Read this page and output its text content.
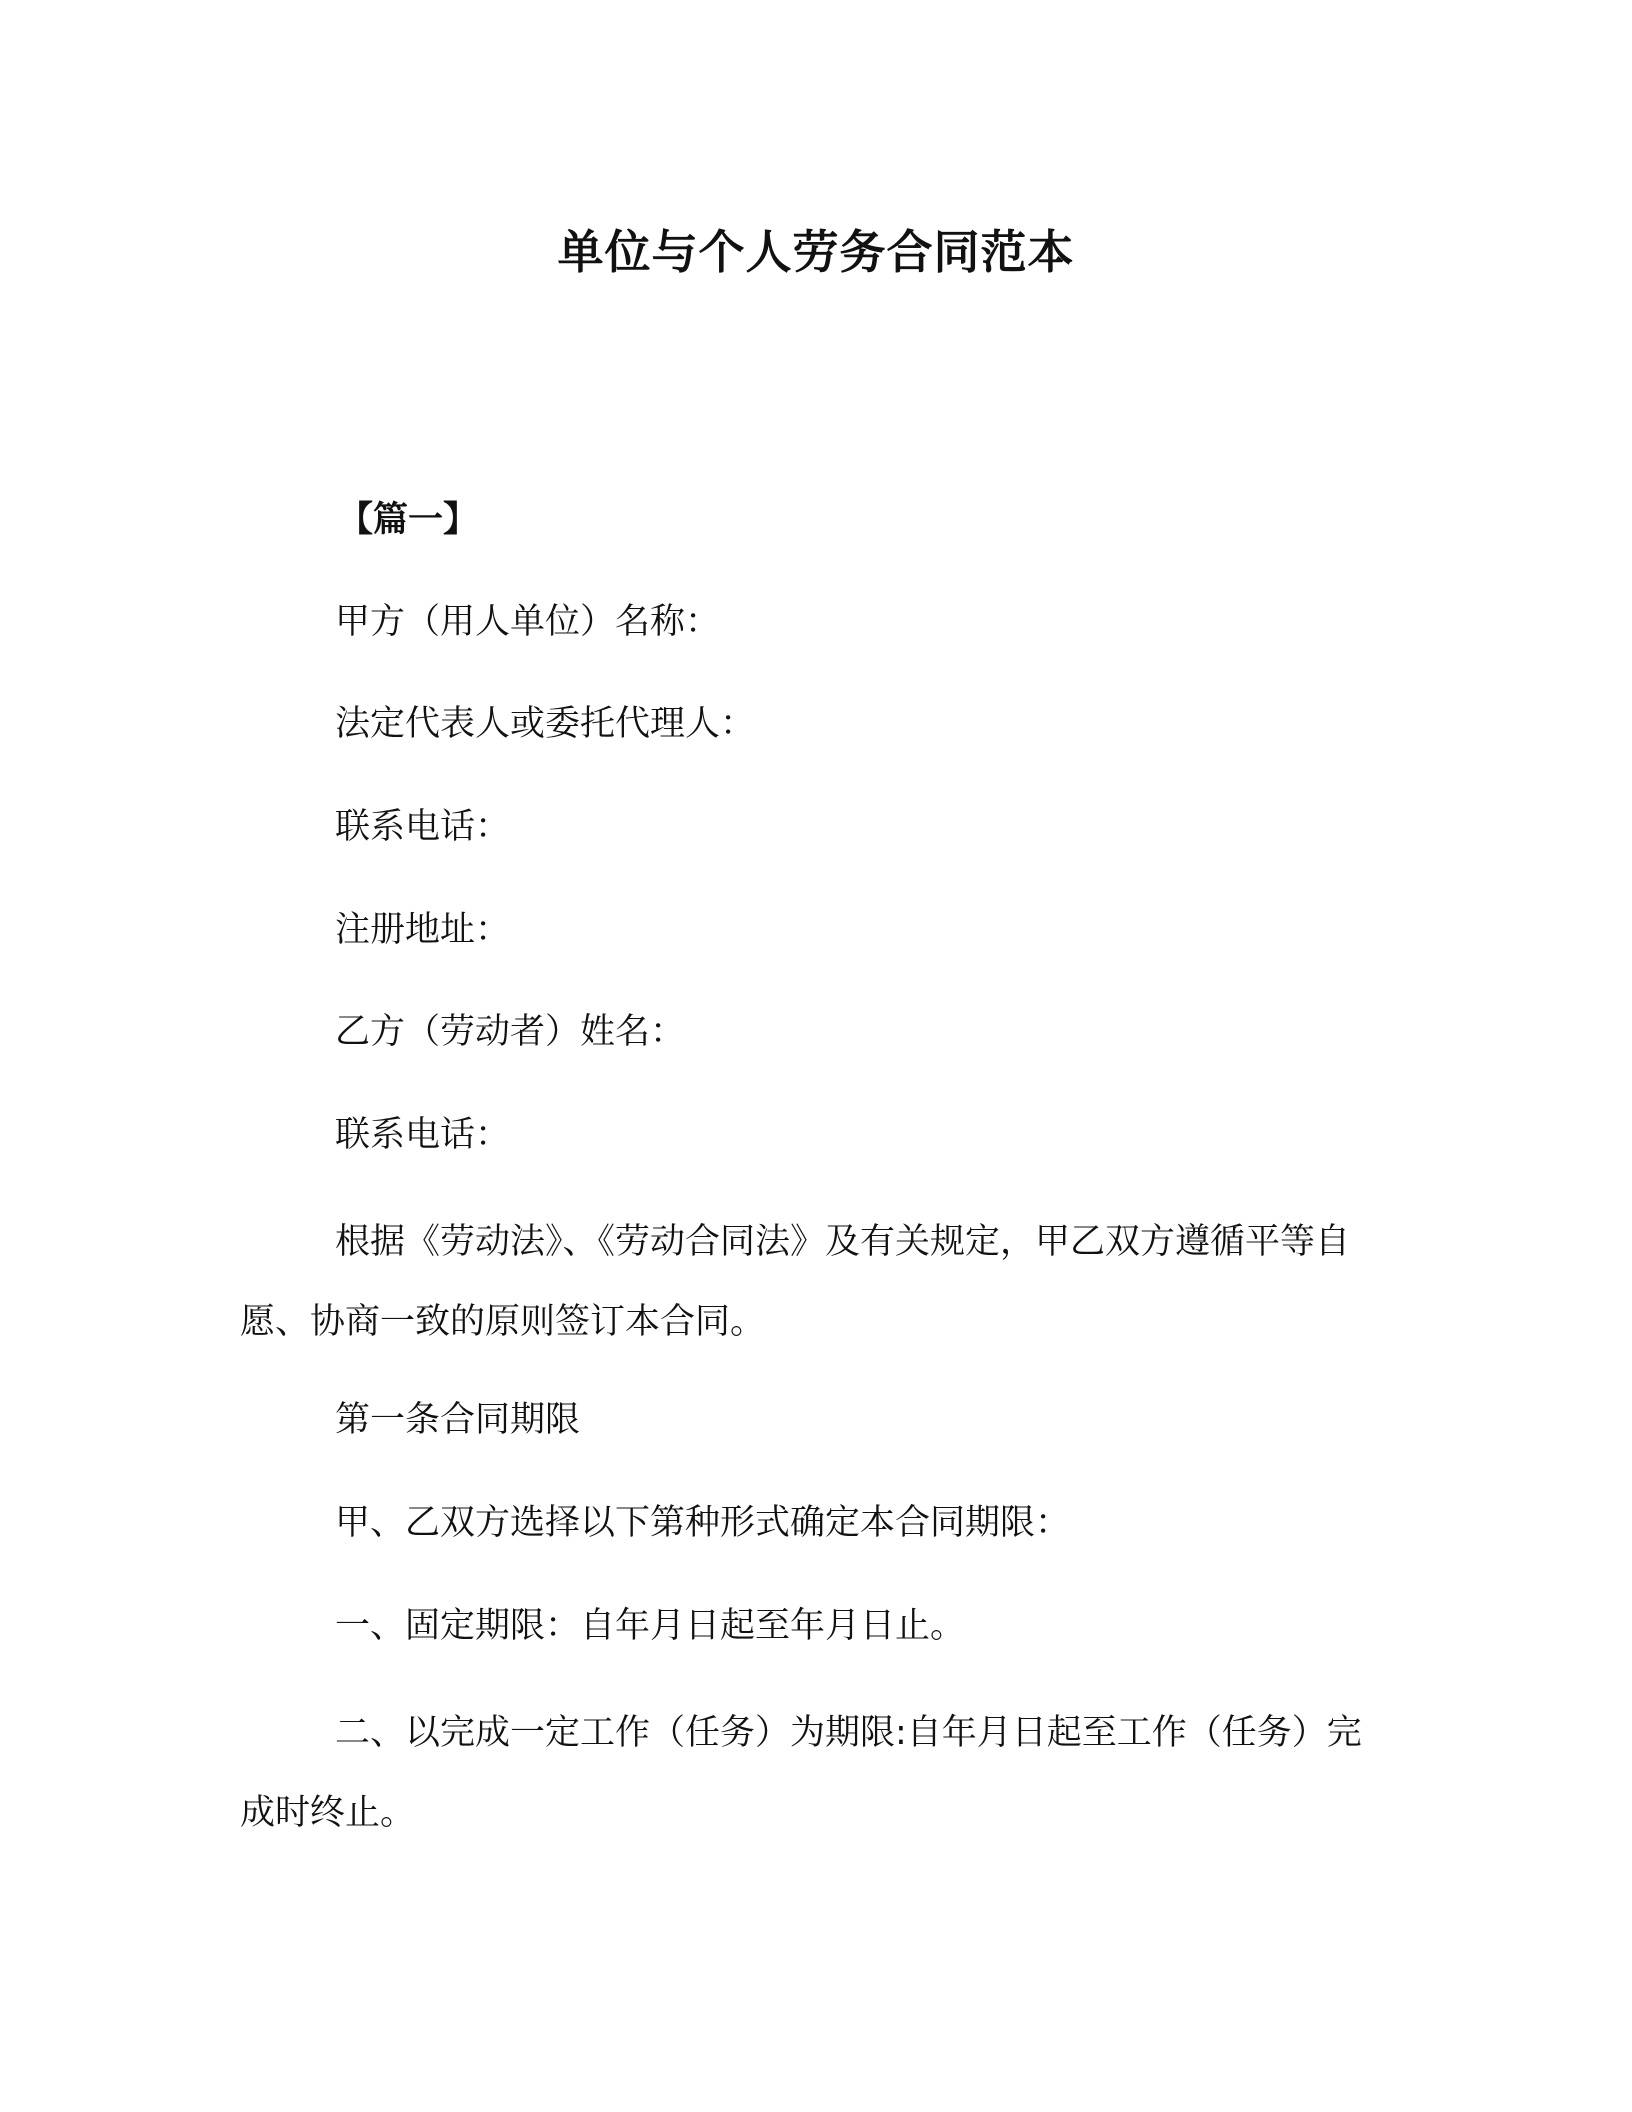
单位与个人劳务合同范本
【篇一】
甲方（用人单位）名称：
法定代表人或委托代理人：
联系电话：
注册地址：
乙方（劳动者）姓名：
联系电话：
根据《劳动法》、《劳动合同法》及有关规定，甲乙双方遵循平等自愿、协商一致的原则签订本合同。
第一条合同期限
甲、乙双方选择以下第种形式确定本合同期限：
一、固定期限：自年月日起至年月日止。
二、以完成一定工作（任务）为期限:自年月日起至工作（任务）完成时终止。
